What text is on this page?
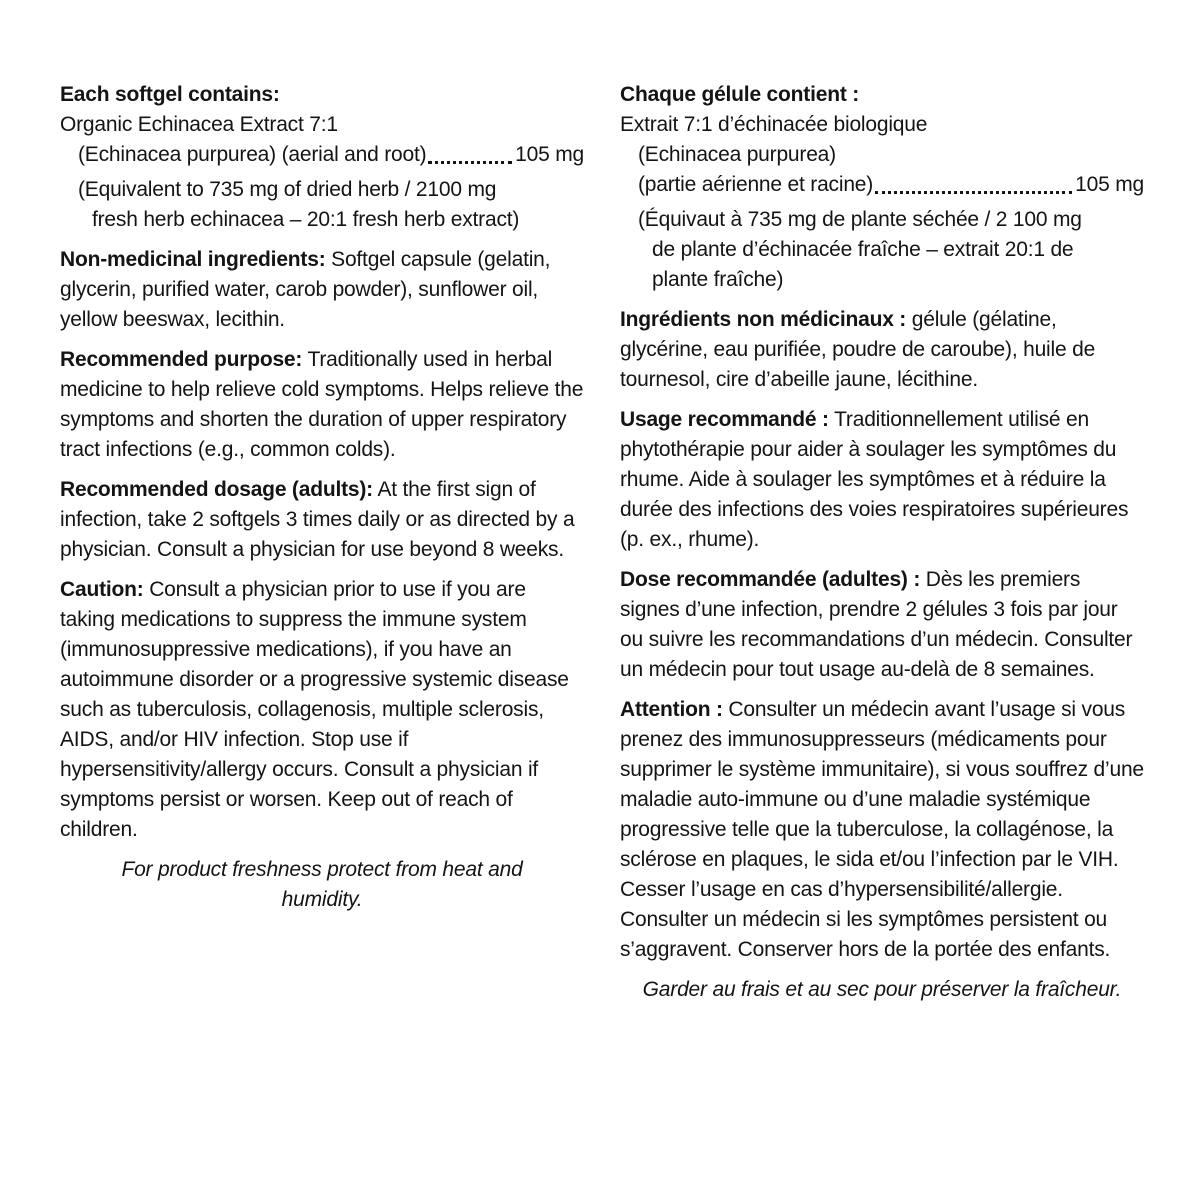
Each softgel contains:

Organic Echinacea Extract 7:1

(Echinacea purpurea) (aerial and root)	105 mg

(Equivalent to 735 mg of dried herb / 2100 mg

fresh herb echinacea – 20:1 fresh herb extract)

Non-medicinal ingredients: Softgel capsule (gelatin, glycerin, purified water, carob powder), sunflower oil, yellow beeswax, lecithin.

Recommended purpose: Traditionally used in herbal medicine to help relieve cold symptoms. Helps relieve the symptoms and shorten the duration of upper respiratory tract infections (e.g., common colds).

Recommended dosage (adults): At the first sign of infection, take 2 softgels 3 times daily or as directed by a physician. Consult a physician for use beyond 8 weeks.

Caution: Consult a physician prior to use if you are taking medications to suppress the immune system (immunosuppressive medications), if you have an autoimmune disorder or a progressive systemic disease such as tuberculosis, collagenosis, multiple sclerosis, AIDS, and/or HIV infection. Stop use if hypersensitivity/allergy occurs. Consult a physician if symptoms persist or worsen. Keep out of reach of children.

For product freshness protect from heat and humidity.

Chaque gélule contient :

Extrait 7:1 d’échinacée biologique

(Echinacea purpurea)

(partie aérienne et racine)	105 mg

(Équivaut à 735 mg de plante séchée / 2 100 mg

de plante d’échinacée fraîche – extrait 20:1 de

plante fraîche)

Ingrédients non médicinaux : gélule (gélatine, glycérine, eau purifiée, poudre de caroube), huile de tournesol, cire d’abeille jaune, lécithine.

Usage recommandé : Traditionnellement utilisé en phytothérapie pour aider à soulager les symptômes du rhume. Aide à soulager les symptômes et à réduire la durée des infections des voies respiratoires supérieures (p. ex., rhume).

Dose recommandée (adultes) : Dès les premiers signes d’une infection, prendre 2 gélules 3 fois par jour ou suivre les recommandations d’un médecin. Consulter un médecin pour tout usage au-delà de 8 semaines.

Attention : Consulter un médecin avant l’usage si vous prenez des immunosuppresseurs (médicaments pour supprimer le système immunitaire), si vous souffrez d’une maladie auto-immune ou d’une maladie systémique progressive telle que la tuberculose, la collagénose, la sclérose en plaques, le sida et/ou l’infection par le VIH. Cesser l’usage en cas d’hypersensibilité/allergie. Consulter un médecin si les symptômes persistent ou s’aggravent. Conserver hors de la portée des enfants.

Garder au frais et au sec pour préserver la fraîcheur.
